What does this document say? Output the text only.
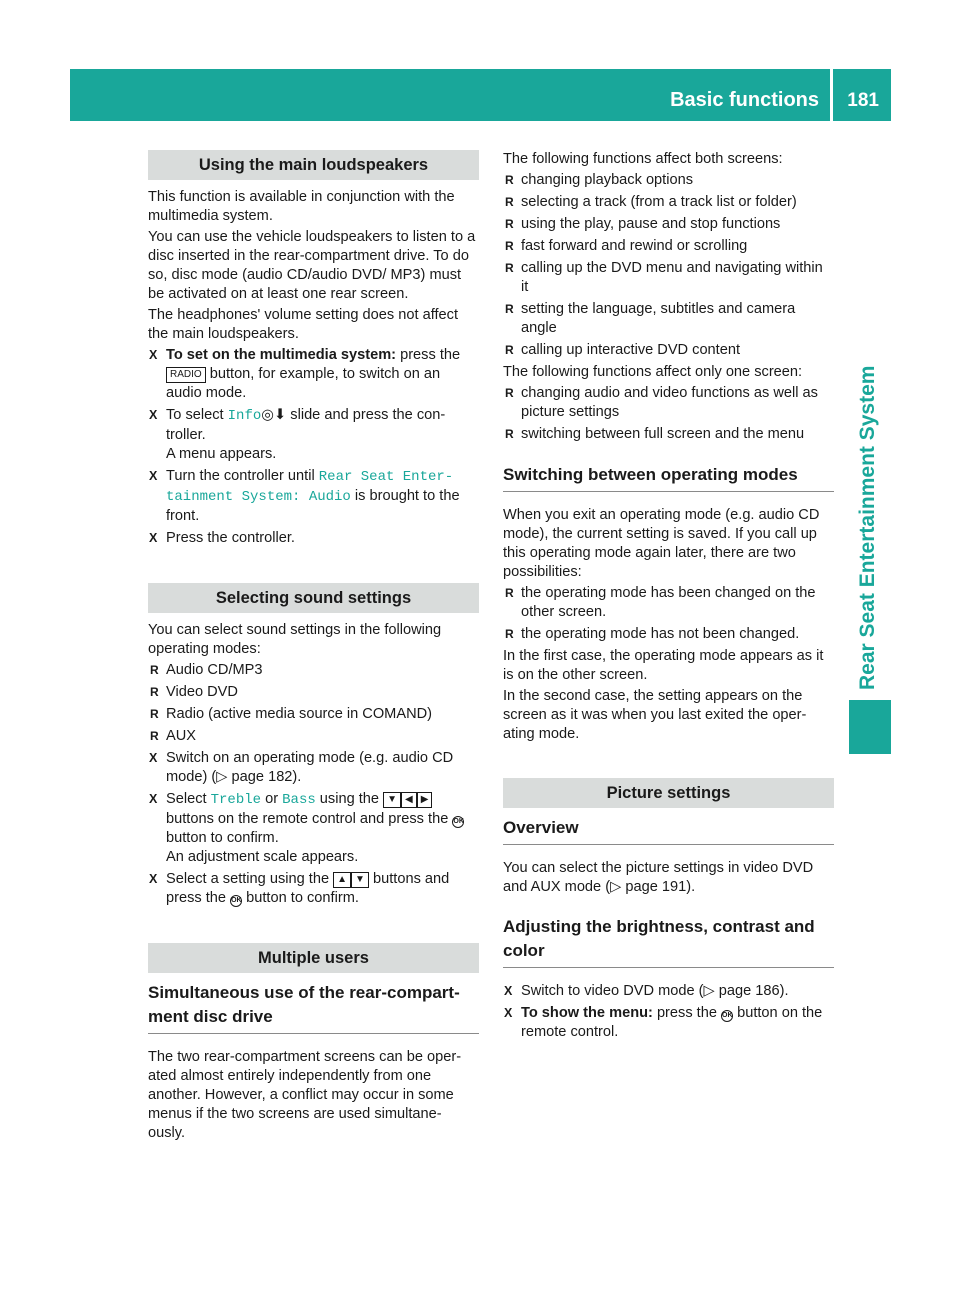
Basic functions 181
Rear Seat Entertainment System
Using the main loudspeakers

This function is available in conjunction with the multimedia system.

You can use the vehicle loudspeakers to listen to a disc inserted in the rear-compartment drive. To do so, disc mode (audio CD/audio DVD/ MP3) must be activated on at least one rear screen.

The headphones' volume setting does not affect the main loudspeakers.

X To set on the multimedia system: press the RADIO button, for example, to switch on an audio mode.
X To select Info◎⬇ slide and press the con- troller.
A menu appears.
X Turn the controller until Rear Seat Enter- tainment System: Audio is brought to the front.
X Press the controller.
Selecting sound settings

You can select sound settings in the following operating modes:

R Audio CD/MP3
R Video DVD
R Radio (active media source in COMAND)
R AUX
X Switch on an operating mode (e.g. audio CD mode) (▷ page 182).
X Select Treble or Bass using the ▼ ◀ ▶ buttons on the remote control and press the OK button to confirm.
An adjustment scale appears.
X Select a setting using the ▲ ▼ buttons and press the OK button to confirm.
Multiple users
Simultaneous use of the rear-compart- ment disc drive

The two rear-compartment screens can be oper- ated almost entirely independently from one another. However, a conflict may occur in some menus if the two screens are used simultane- ously.

The following functions affect both screens:

R changing playback options
R selecting a track (from a track list or folder)
R using the play, pause and stop functions
R fast forward and rewind or scrolling
R calling up the DVD menu and navigating within it
R setting the language, subtitles and camera angle
R calling up interactive DVD content

The following functions affect only one screen:

R changing audio and video functions as well as picture settings
R switching between full screen and the menu
Switching between operating modes

When you exit an operating mode (e.g. audio CD mode), the current setting is saved. If you call up this operating mode again later, there are two possibilities:

R the operating mode has been changed on the other screen.
R the operating mode has not been changed.

In the first case, the operating mode appears as it is on the other screen.

In the second case, the setting appears on the screen as it was when you last exited the oper- ating mode.

Picture settings
Overview

You can select the picture settings in video DVD and AUX mode (▷ page 191).

Adjusting the brightness, contrast and color
X Switch to video DVD mode (▷ page 186).
X To show the menu: press the OK button on the remote control.
